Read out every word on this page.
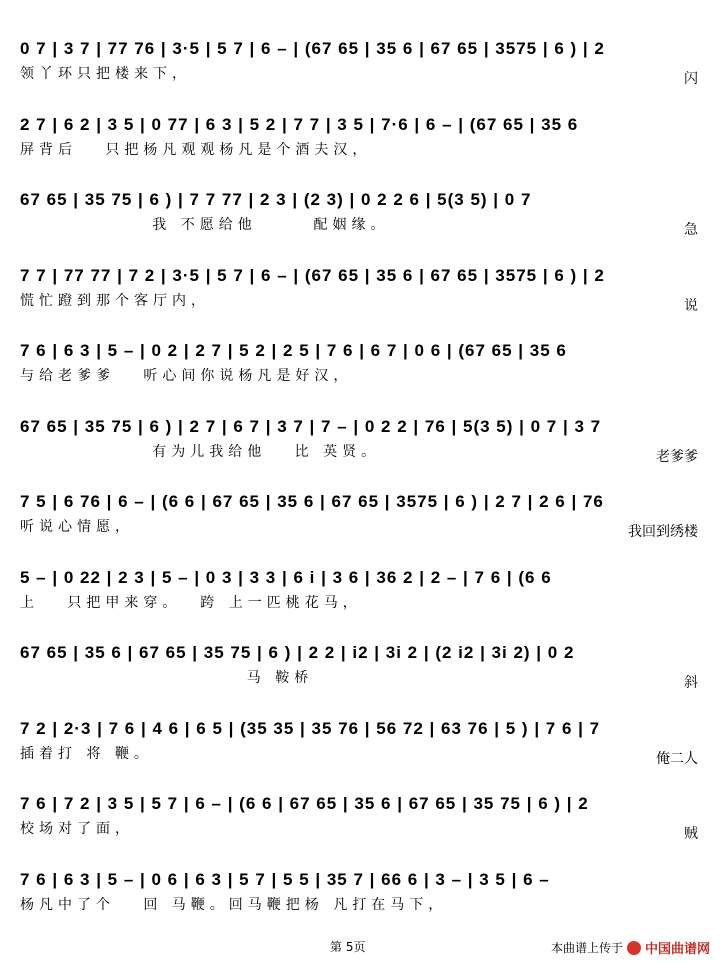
0 7 | 3 7 | 77 76 | 3·5 | 5 7 | 6 – | (67 65 | 35 6 | 67 65 | 3575 | 6 ) | 2
领丫环只把楼来下，	闪
2 7 | 6 2 | 3 5 | 0 77 | 6 3 | 5 2 | 7 7 | 3 5 | 7·6 | 6 – | (67 65 | 35 6
屏背后   只把杨凡观观杨凡是个酒夫汉，
67 65 | 35 75 | 6 ) | 7 7 77 | 2 3 | (2 3) | 0 2 2 6 | 5(3 5) | 0 7
我 不愿给他      配姻缘。	急
7 7 | 77 77 | 7 2 | 3·5 | 5 7 | 6 – | (67 65 | 35 6 | 67 65 | 3575 | 6 ) | 2
慌忙蹬到那个客厅内，	说
7 6 | 6 3 | 5 – | 0 2 | 2 7 | 5 2 | 2 5 | 7 6 | 6 7 | 0 6 | (67 65 | 35 6
与给老爹爹   听心间你说杨凡是好汉，
67 65 | 35 75 | 6 ) | 2 7 | 6 7 | 3 7 | 7 – | 0 2 2 | 76 | 5(3 5) | 0 7 | 3 7
有为儿我给他   比 英贤。	老爹爹
7 5 | 6 76 | 6 – | (6 6 | 67 65 | 35 6 | 67 65 | 3575 | 6 ) | 2 7 | 2 6 | 76
听说心情愿，	我回到绣楼
5 – | 0 22 | 2 3 | 5 – | 0 3 | 3 3 | 6 i | 3 6 | 36 2 | 2 – | 7 6 | (6 6
上   只把甲来穿。  跨 上一匹桃花马，
67 65 | 35 6 | 67 65 | 35 75 | 6 ) | 2 2 | i2 | 3i 2 | (2 i2 | 3i 2) | 0 2
马 鞍桥	斜
7 2 | 2·3 | 7 6 | 4 6 | 6 5 | (35 35 | 35 76 | 56 72 | 63 76 | 5 ) | 7 6 | 7
插着打 将 鞭。	俺二人
7 6 | 7 2 | 3 5 | 5 7 | 6 – | (6 6 | 67 65 | 35 6 | 67 65 | 35 75 | 6 ) | 2
校场对了面，	贼
7 6 | 6 3 | 5 – | 0 6 | 6 3 | 5 7 | 5 5 | 35 7 | 66 6 | 3 – | 3 5 | 6 –
杨凡中了个   回 马鞭。回马鞭把杨 凡打在马下，
第 5页	本曲谱上传于 中国曲谱网
